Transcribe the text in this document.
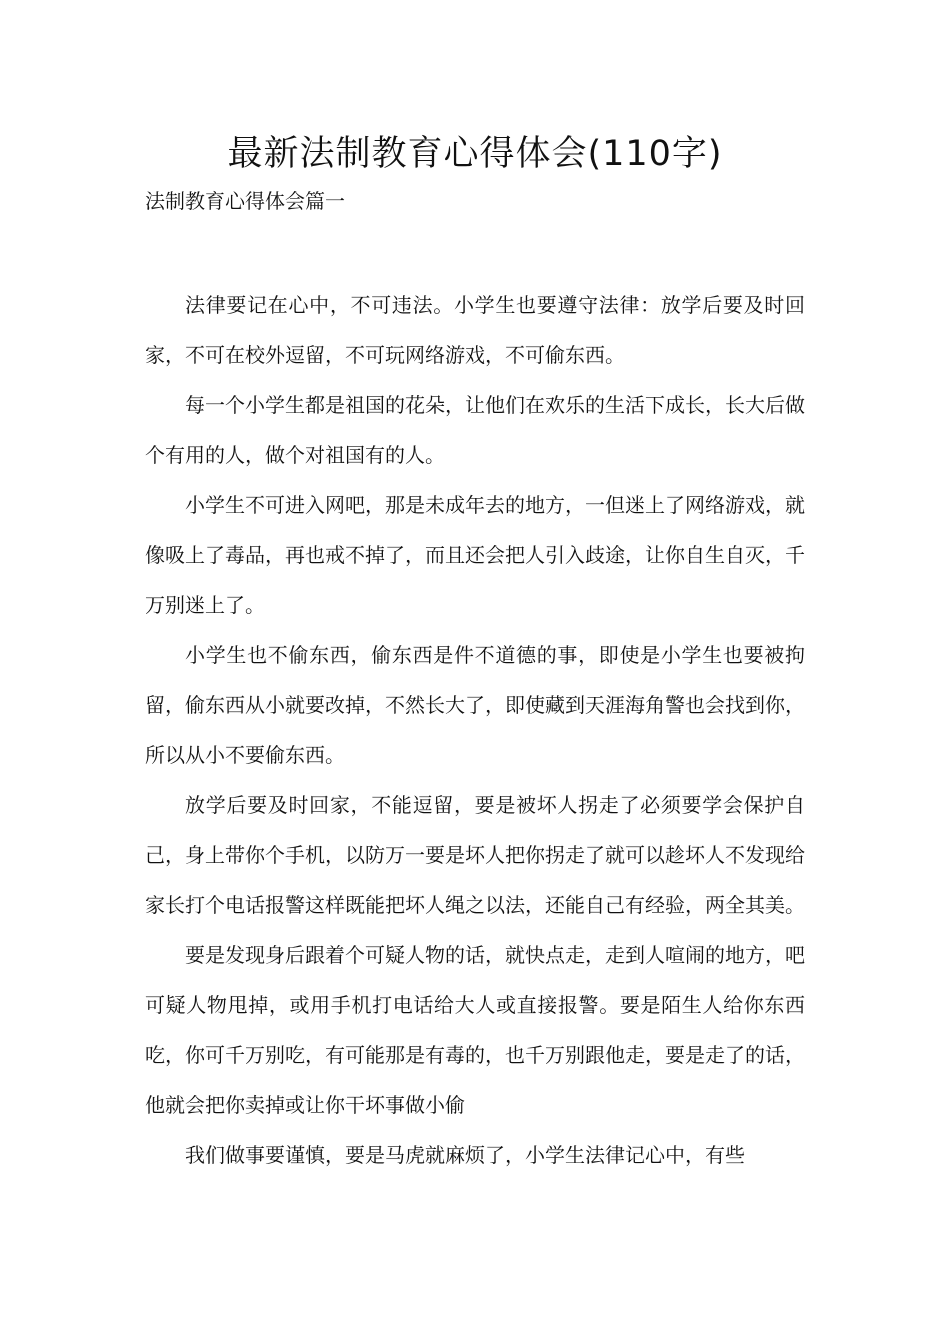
最新法制教育心得体会(110字)
法制教育心得体会篇一

法律要记在心中，不可违法。小学生也要遵守法律：放学后要及时回家，不可在校外逗留，不可玩网络游戏，不可偷东西。

每一个小学生都是祖国的花朵，让他们在欢乐的生活下成长，长大后做个有用的人，做个对祖国有的人。

小学生不可进入网吧，那是未成年去的地方，一但迷上了网络游戏，就像吸上了毒品，再也戒不掉了，而且还会把人引入歧途，让你自生自灭，千万别迷上了。

小学生也不偷东西，偷东西是件不道德的事，即使是小学生也要被拘留，偷东西从小就要改掉，不然长大了，即使藏到天涯海角警也会找到你，所以从小不要偷东西。

放学后要及时回家，不能逗留，要是被坏人拐走了必须要学会保护自己，身上带你个手机，以防万一要是坏人把你拐走了就可以趁坏人不发现给家长打个电话报警这样既能把坏人绳之以法，还能自己有经验，两全其美。

要是发现身后跟着个可疑人物的话，就快点走，走到人喧闹的地方，吧可疑人物甩掉，或用手机打电话给大人或直接报警。要是陌生人给你东西吃，你可千万别吃，有可能那是有毒的，也千万别跟他走，要是走了的话，他就会把你卖掉或让你干坏事做小偷

我们做事要谨慎，要是马虎就麻烦了，小学生法律记心中，有些
